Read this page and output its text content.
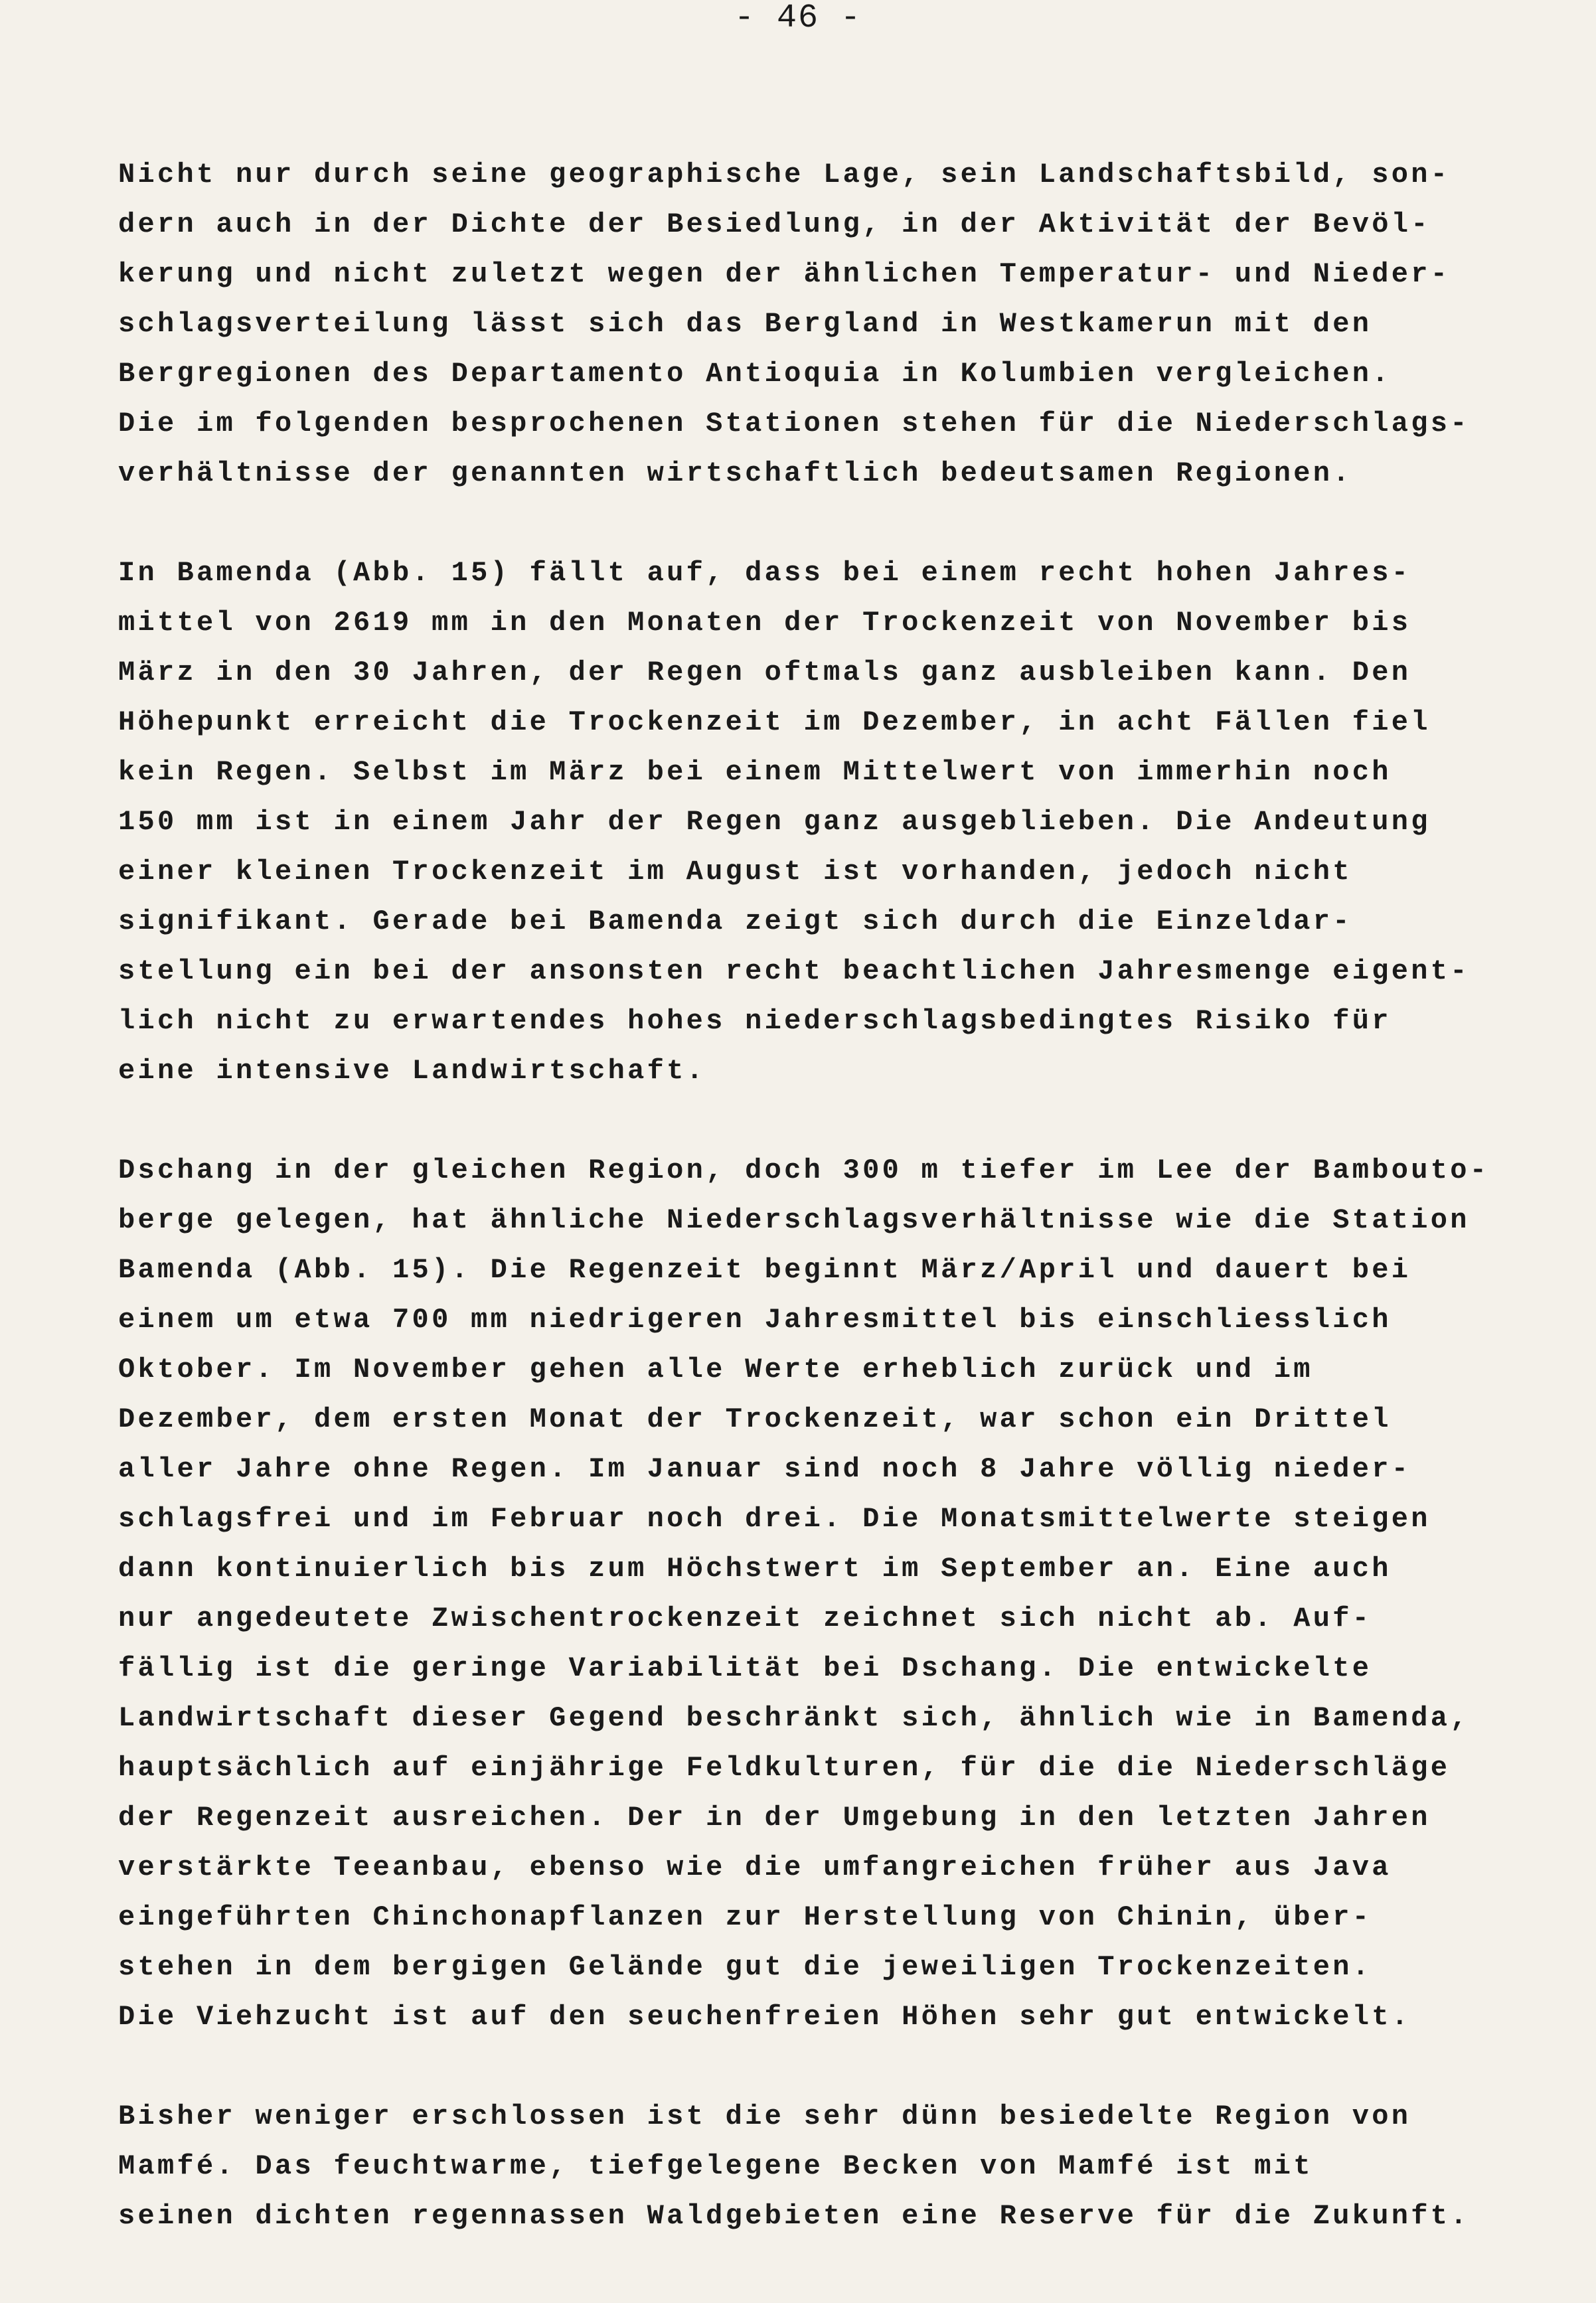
- 46 -
Nicht nur durch seine geographische Lage, sein Landschaftsbild, son-
dern auch in der Dichte der Besiedlung, in der Aktivität der Bevöl-
kerung und nicht zuletzt wegen der ähnlichen Temperatur- und Nieder-
schlagsverteilung lässt sich das Bergland in Westkamerun mit den
Bergregionen des Departamento Antioquia in Kolumbien vergleichen.
Die im folgenden besprochenen Stationen stehen für die Niederschlags-
verhältnisse der genannten wirtschaftlich bedeutsamen Regionen.
In Bamenda (Abb. 15) fällt auf, dass bei einem recht hohen Jahres-
mittel von 2619 mm in den Monaten der Trockenzeit von November bis
März in den 30 Jahren, der Regen oftmals ganz ausbleiben kann. Den
Höhepunkt erreicht die Trockenzeit im Dezember, in acht Fällen fiel
kein Regen. Selbst im März bei einem Mittelwert von immerhin noch
150 mm ist in einem Jahr der Regen ganz ausgeblieben. Die Andeutung
einer kleinen Trockenzeit im August ist vorhanden, jedoch nicht
signifikant. Gerade bei Bamenda zeigt sich durch die Einzeldar-
stellung ein bei der ansonsten recht beachtlichen Jahresmenge eigent-
lich nicht zu erwartendes hohes niederschlagsbedingtes Risiko für
eine intensive Landwirtschaft.
Dschang in der gleichen Region, doch 300 m tiefer im Lee der Bambouto-
berge gelegen, hat ähnliche Niederschlagsverhältnisse wie die Station
Bamenda (Abb. 15). Die Regenzeit beginnt März/April und dauert bei
einem um etwa 700 mm niedrigeren Jahresmittel bis einschliesslich
Oktober. Im November gehen alle Werte erheblich zurück und im
Dezember, dem ersten Monat der Trockenzeit, war schon ein Drittel
aller Jahre ohne Regen. Im Januar sind noch 8 Jahre völlig nieder-
schlagsfrei und im Februar noch drei. Die Monatsmittelwerte steigen
dann kontinuierlich bis zum Höchstwert im September an. Eine auch
nur angedeutete Zwischentrockenzeit zeichnet sich nicht ab. Auf-
fällig ist die geringe Variabilität bei Dschang. Die entwickelte
Landwirtschaft dieser Gegend beschränkt sich, ähnlich wie in Bamenda,
hauptsächlich auf einjährige Feldkulturen, für die die Niederschläge
der Regenzeit ausreichen. Der in der Umgebung in den letzten Jahren
verstärkte Teeanbau, ebenso wie die umfangreichen früher aus Java
eingeführten Chinchonapflanzen zur Herstellung von Chinin, über-
stehen in dem bergigen Gelände gut die jeweiligen Trockenzeiten.
Die Viehzucht ist auf den seuchenfreien Höhen sehr gut entwickelt.
Bisher weniger erschlossen ist die sehr dünn besiedelte Region von
Mamfé. Das feuchtwarme, tiefgelegene Becken von Mamfé ist mit
seinen dichten regennassen Waldgebieten eine Reserve für die Zukunft.
